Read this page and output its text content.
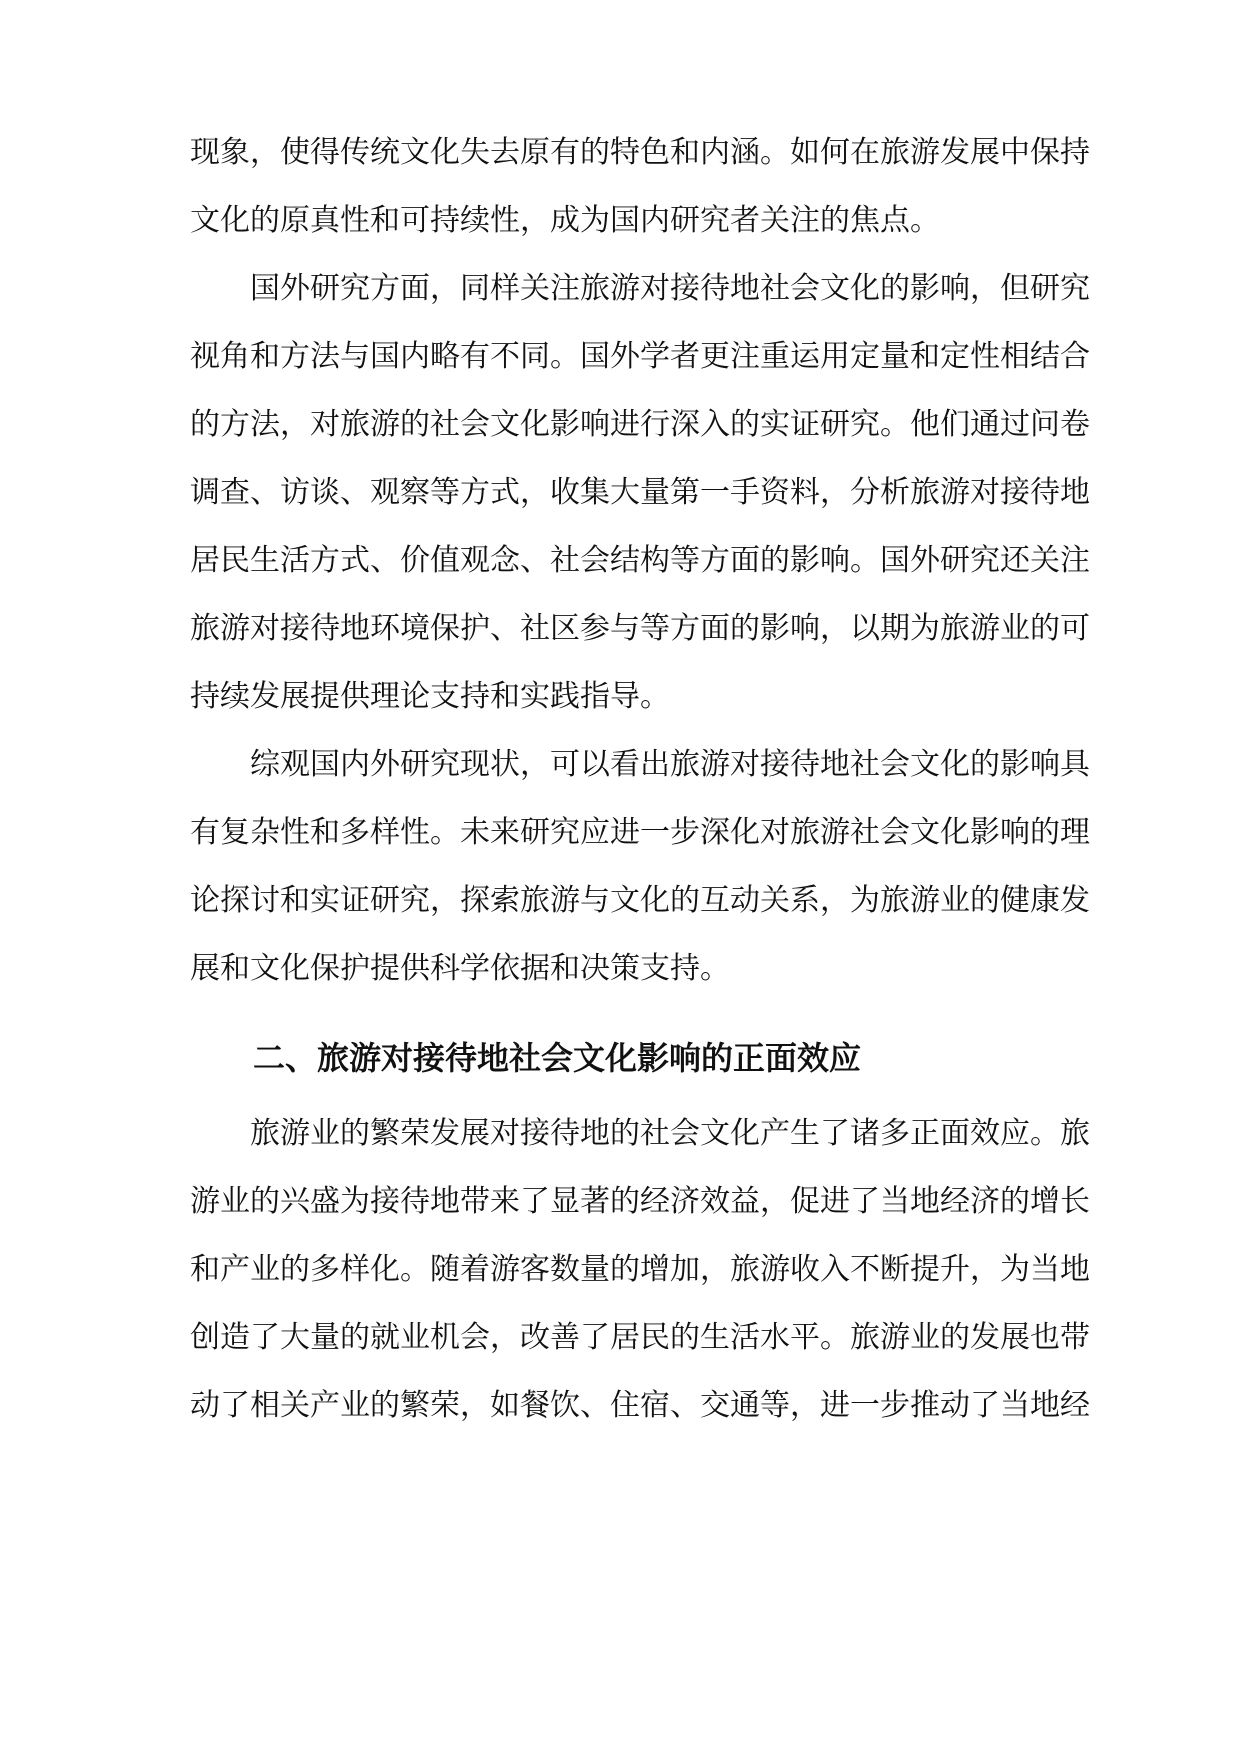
现象，使得传统文化失去原有的特色和内涵。如何在旅游发展中保持
文化的原真性和可持续性，成为国内研究者关注的焦点。
国外研究方面，同样关注旅游对接待地社会文化的影响，但研究
视角和方法与国内略有不同。国外学者更注重运用定量和定性相结合
的方法，对旅游的社会文化影响进行深入的实证研究。他们通过问卷
调查、访谈、观察等方式，收集大量第一手资料，分析旅游对接待地
居民生活方式、价值观念、社会结构等方面的影响。国外研究还关注
旅游对接待地环境保护、社区参与等方面的影响，以期为旅游业的可
持续发展提供理论支持和实践指导。
综观国内外研究现状，可以看出旅游对接待地社会文化的影响具
有复杂性和多样性。未来研究应进一步深化对旅游社会文化影响的理
论探讨和实证研究，探索旅游与文化的互动关系，为旅游业的健康发
展和文化保护提供科学依据和决策支持。
二、旅游对接待地社会文化影响的正面效应
旅游业的繁荣发展对接待地的社会文化产生了诸多正面效应。旅
游业的兴盛为接待地带来了显著的经济效益，促进了当地经济的增长
和产业的多样化。随着游客数量的增加，旅游收入不断提升，为当地
创造了大量的就业机会，改善了居民的生活水平。旅游业的发展也带
动了相关产业的繁荣，如餐饮、住宿、交通等，进一步推动了当地经
